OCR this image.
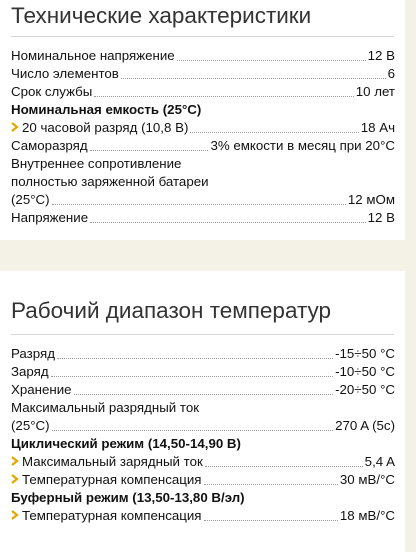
Технические характеристики
Номинальное напряжение	12 В
Число элементов	6
Срок службы	10 лет
Номинальная емкость (25°C)
20 часовой разряд (10,8 В)	18 Ач
Саморазряд	3% емкости в месяц при 20°C
Внутреннее сопротивление
полностью заряженной батареи
(25°C)	12 мОм
Напряжение	12 В
Рабочий диапазон температур
Разряд	-15÷50 °C
Заряд	-10÷50 °C
Хранение	-20÷50 °C
Максимальный разрядный ток
(25°C)	270 A (5c)
Циклический режим (14,50-14,90 В)
Максимальный зарядный ток	5,4 A
Температурная компенсация	30 мВ/°C
Буферный режим (13,50-13,80 В/эл)
Температурная компенсация	18 мВ/°C
